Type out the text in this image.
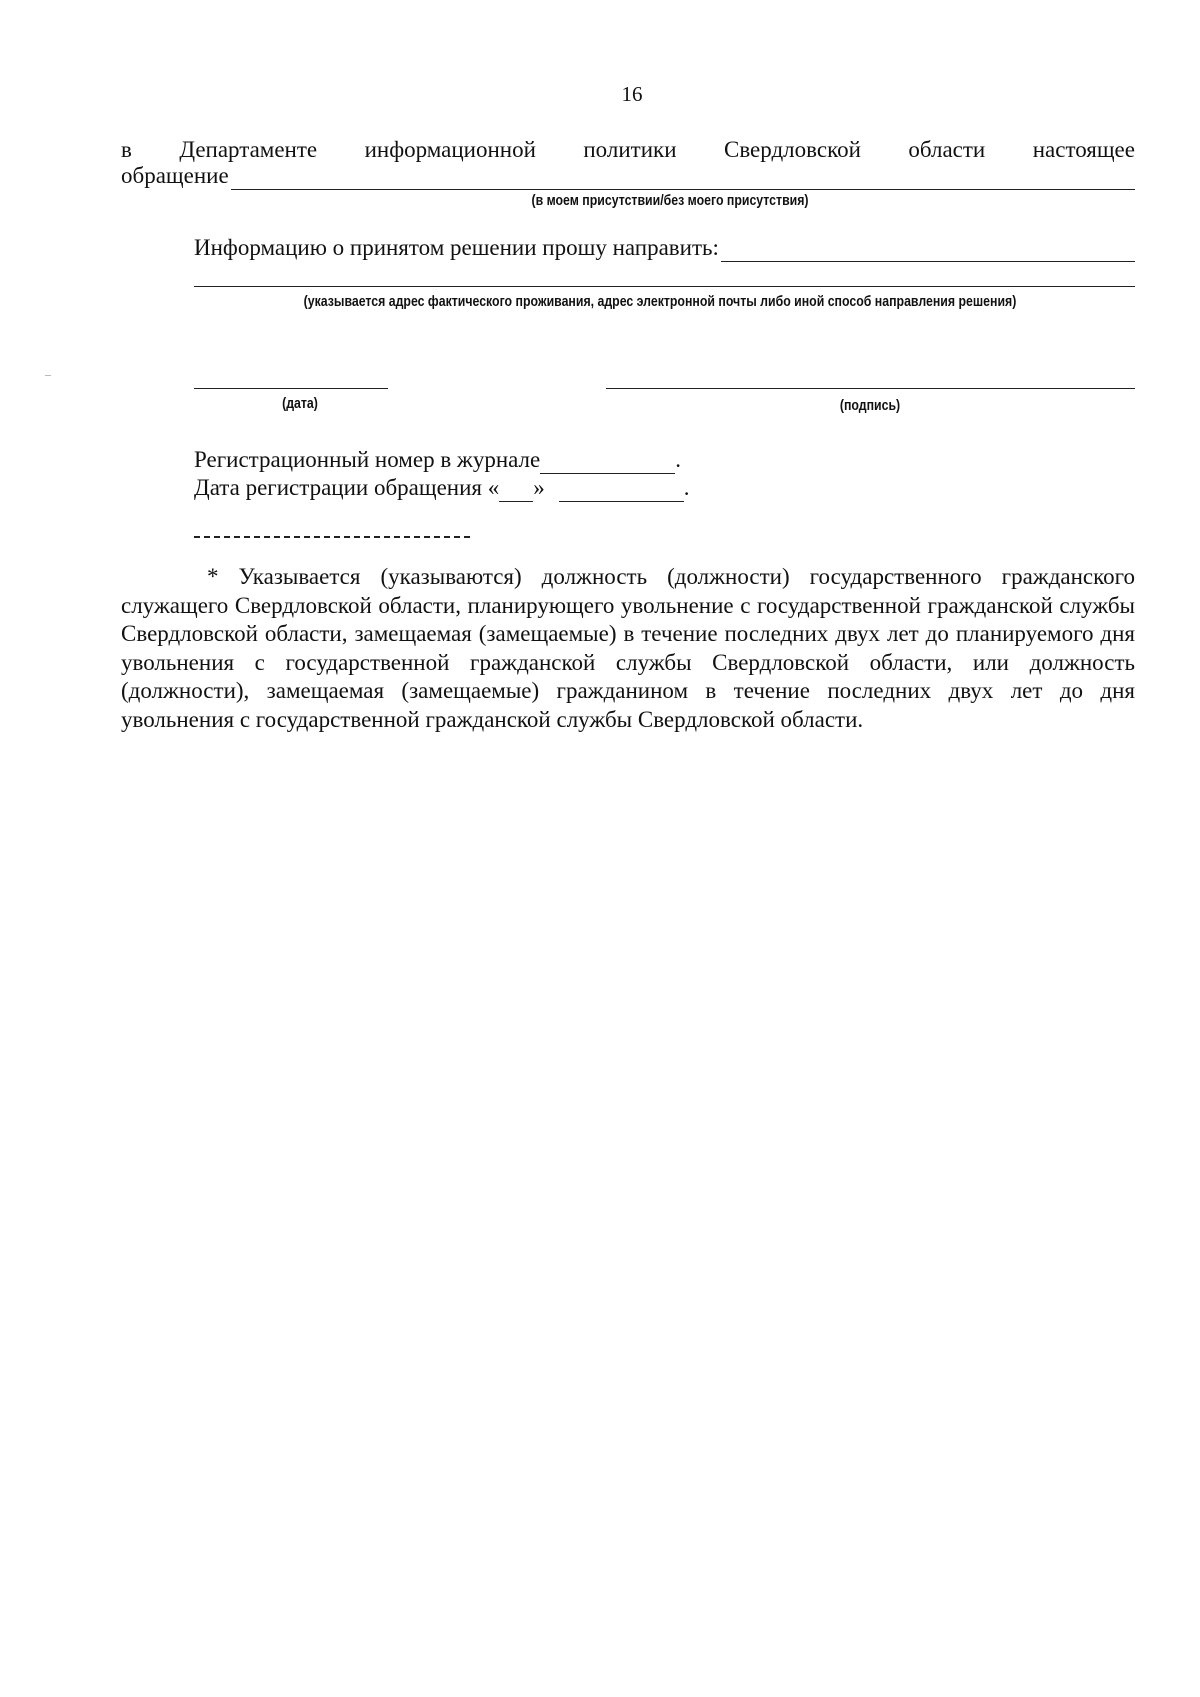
16
в Департаменте информационной политики Свердловской области настоящее
обращение
(в моем присутствии/без моего присутствия)
Информацию о принятом решении прошу направить:
(указывается адрес фактического проживания, адрес электронной почты либо иной способ направления решения)
(дата)	(подпись)
Регистрационный номер в журнале	.
Дата регистрации обращения « »	.

* Указывается (указываются) должность (должности) государственного гражданского служащего Свердловской области, планирующего увольнение с государственной гражданской службы Свердловской области, замещаемая (замещаемые) в течение последних двух лет до планируемого дня увольнения с государственной гражданской службы Свердловской области, или должность (должности), замещаемая (замещаемые) гражданином в течение последних двух лет до дня увольнения с государственной гражданской службы Свердловской области.
